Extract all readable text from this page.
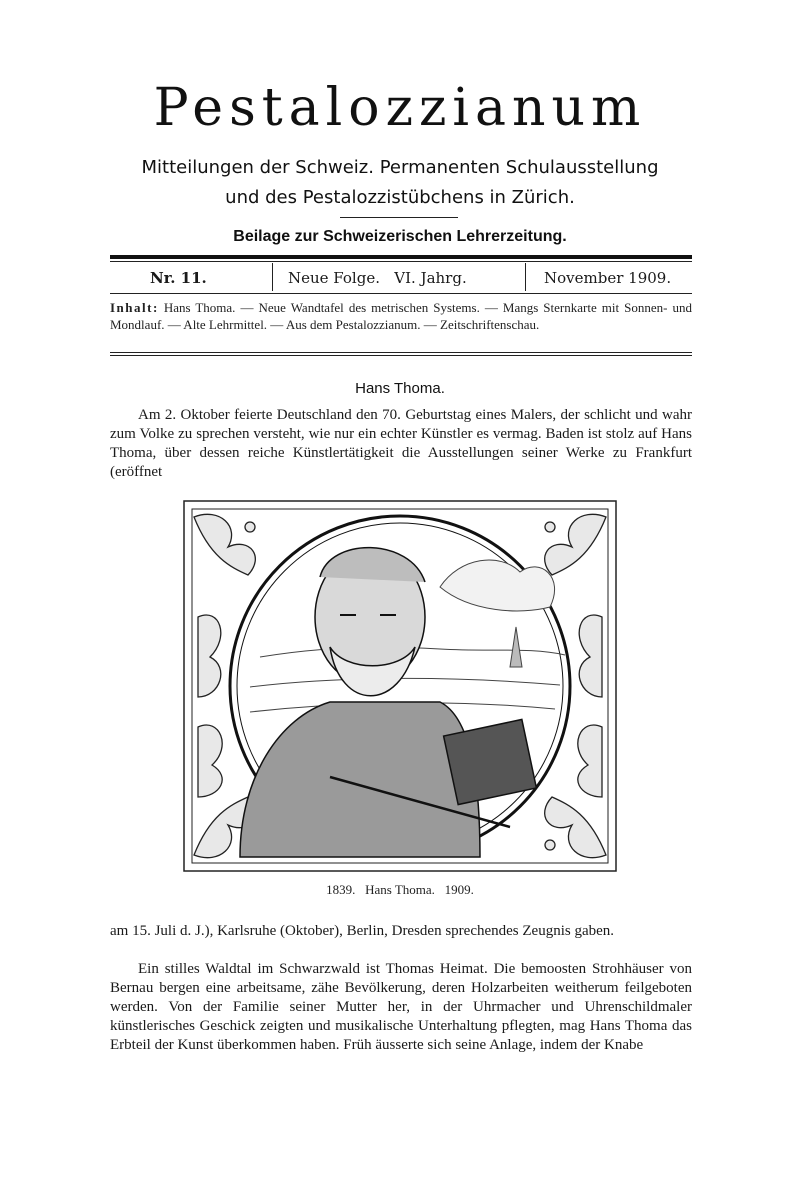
Pestalozzianum
Mitteilungen der Schweiz. Permanenten Schulausstellung
und des Pestalozzistübchens in Zürich.
Beilage zur Schweizerischen Lehrerzeitung.
Nr. 11.	Neue Folge.   VI. Jahrg.	November 1909.
Inhalt: Hans Thoma. — Neue Wandtafel des metrischen Systems. — Mangs Sternkarte mit Sonnen- und Mondlauf. — Alte Lehrmittel. — Aus dem Pestalozzianum. — Zeitschriftenschau.
Hans Thoma.

Am 2. Oktober feierte Deutschland den 70. Geburtstag eines Malers, der schlicht und wahr zum Volke zu sprechen versteht, wie nur ein echter Künstler es vermag. Baden ist stolz auf Hans Thoma, über dessen reiche Künstlertätigkeit die Ausstellungen seiner Werke zu Frankfurt (eröffnet

1839.   Hans Thoma.   1909.

am 15. Juli d. J.), Karlsruhe (Oktober), Berlin, Dresden sprechendes Zeugnis gaben.

Ein stilles Waldtal im Schwarzwald ist Thomas Heimat. Die bemoosten Strohhäuser von Bernau bergen eine arbeitsame, zähe Bevölkerung, deren Holzarbeiten weitherum feilgeboten werden. Von der Familie seiner Mutter her, in der Uhrmacher und Uhrenschildmaler künstlerisches Geschick zeigten und musikalische Unterhaltung pflegten, mag Hans Thoma das Erbteil der Kunst überkommen haben. Früh äusserte sich seine Anlage, indem der Knabe
